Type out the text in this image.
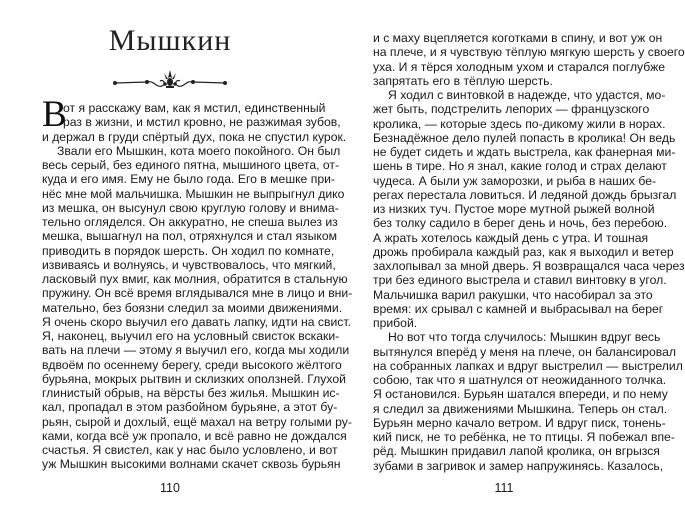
Мышкин
В
от я расскажу вам, как я мстил, единственный
раз в жизни, и мстил кровно, не разжимая зубов,
и держал в груди спёртый дух, пока не спустил курок.
Звали его Мышкин, кота моего покойного. Он был
весь серый, без единого пятна, мышиного цвета, от-
куда и его имя. Ему не было года. Его в мешке при-
нёс мне мой мальчишка. Мышкин не выпрыгнул дико
из мешка, он высунул свою круглую голову и внима-
тельно огляделся. Он аккуратно, не спеша вылез из
мешка, вышагнул на пол, отряхнулся и стал языком
приводить в порядок шерсть. Он ходил по комнате,
извиваясь и волнуясь, и чувствовалось, что мягкий,
ласковый пух вмиг, как молния, обратится в стальную
пружину. Он всё время вглядывался мне в лицо и вни-
мательно, без боязни следил за моими движениями.
Я очень скоро выучил его давать лапку, идти на свист.
Я, наконец, выучил его на условный свисток вскаки-
вать на плечи — этому я выучил его, когда мы ходили
вдвоём по осеннему берегу, среди высокого жёлтого
бурьяна, мокрых рытвин и склизких оползней. Глухой
глинистый обрыв, на вёрсты без жилья. Мышкин ис-
кал, пропадал в этом разбойном бурьяне, а этот бу-
рьян, сырой и дохлый, ещё махал на ветру голыми ру-
ками, когда всё уж пропало, и всё равно не дождался
счастья. Я свистел, как у нас было условлено, и вот
уж Мышкин высокими волнами скачет сквозь бурьян
110
и с маху вцепляется коготками в спину, и вот уж он
на плече, и я чувствую тёплую мягкую шерсть у своего
уха. И я тёрся холодным ухом и старался поглубже
запрятать его в тёплую шерсть.
Я ходил с винтовкой в надежде, что удастся, мо-
жет быть, подстрелить лепорих — французского
кролика, — которые здесь по-дикому жили в норах.
Безнадёжное дело пулей попасть в кролика! Он ведь
не будет сидеть и ждать выстрела, как фанерная ми-
шень в тире. Но я знал, какие голод и страх делают
чудеса. А были уж заморозки, и рыба в наших бе-
регах перестала ловиться. И ледяной дождь брызгал
из низких туч. Пустое море мутной рыжей волной
без толку садило в берег день и ночь, без перебою.
А жрать хотелось каждый день с утра. И тошная
дрожь пробирала каждый раз, как я выходил и ветер
захлопывал за мной дверь. Я возвращался часа через
три без единого выстрела и ставил винтовку в угол.
Мальчишка варил ракушки, что насобирал за это
время: их срывал с камней и выбрасывал на берег
прибой.
Но вот что тогда случилось: Мышкин вдруг весь
вытянулся вперёд у меня на плече, он балансировал
на собранных лапках и вдруг выстрелил — выстрелил
собою, так что я шатнулся от неожиданного толчка.
Я остановился. Бурьян шатался впереди, и по нему
я следил за движениями Мышкина. Теперь он стал.
Бурьян мерно качало ветром. И вдруг писк, тонень-
кий писк, не то ребёнка, не то птицы. Я побежал впе-
рёд. Мышкин придавил лапой кролика, он вгрызся
зубами в загривок и замер напружинясь. Казалось,
111
